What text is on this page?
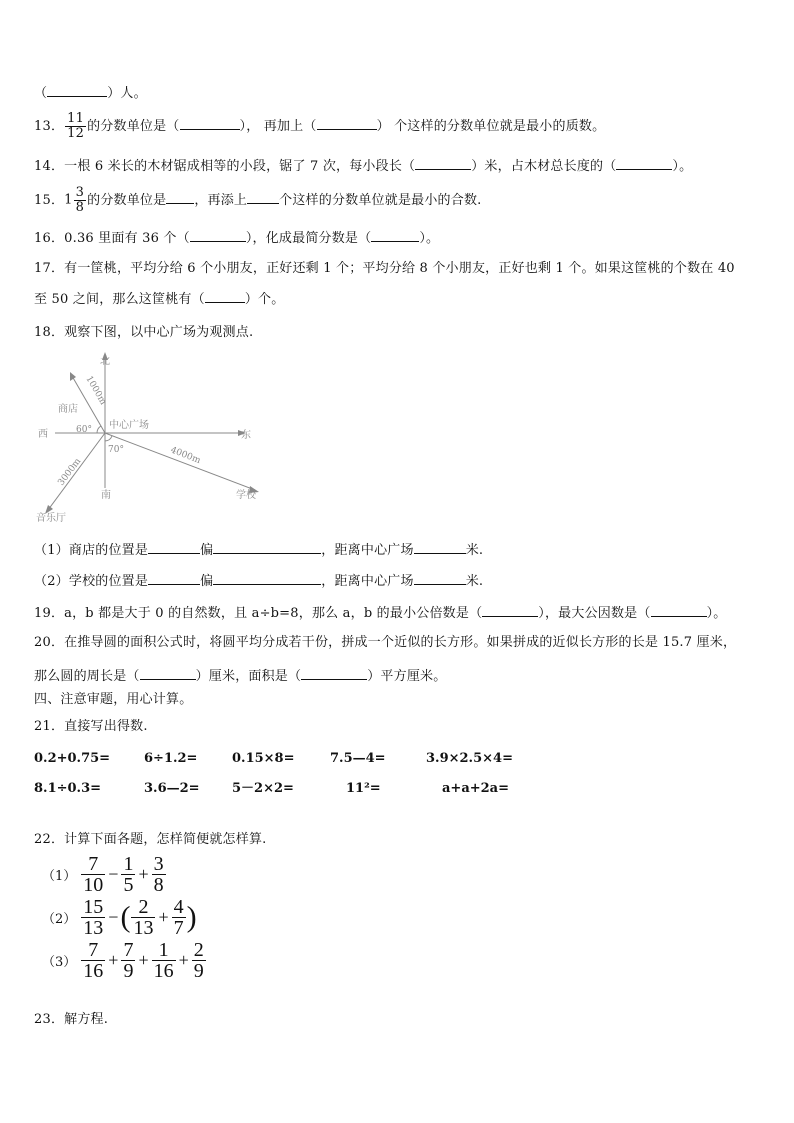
（	）人。
13． $\frac{11}{12}$ 的分数单位是（	）， 再加上（	） 个这样的分数单位就是最小的质数。
14．一根 6 米长的木材锯成相等的小段，锯了 7 次，每小段长（	）米，占木材总长度的（	）。
15．$1 \frac{3}{8}$ 的分数单位是 ，再添上 个这样的分数单位就是最小的合数.
16．0.36 里面有 36 个（	），化成最简分数是（	）。
17．有一筐桃，平均分给 6 个小朋友，正好还剩 1 个；平均分给 8 个小朋友，正好也剩 1 个。如果这筐桃的个数在 40
至 50 之间，那么这筐桃有（	）个。
18．观察下图，以中心广场为观测点.
北
西	东
南
商店
中心广场
学校
音乐厅
60°
70°
1000m
4000m
3000m
（1）商店的位置是	偏	，距离中心广场	米.
（2）学校的位置是	偏	，距离中心广场	米.
19．a，b 都是大于 0 的自然数，且 a÷b=8，那么 a，b 的最小公倍数是（	），最大公因数是（	）。
20．在推导圆的面积公式时，将圆平均分成若干份，拼成一个近似的长方形。如果拼成的近似长方形的长是 15.7 厘米，
那么圆的周长是（	）厘米，面积是（	）平方厘米。
四、注意审题，用心计算。
21．直接写出得数.
0.2+0.75=	6÷1.2=	0.15×8=	7.5—4=	3.9×2.5×4=
8.1÷0.3=	3.6—2= 5－2×2=	11²=	a+a+2a=
22．计算下面各题，怎样简便就怎样算.
$(1) \frac{7}{10} - \frac{1}{5} + \frac{3}{8}$
$(2) \frac{15}{13}$ −( $\frac{2}{13} + \frac{4}{7}$ )
$(3) \frac{7}{16} + \frac{7}{9} + \frac{1}{16} + \frac{2}{9}$
23．解方程.
